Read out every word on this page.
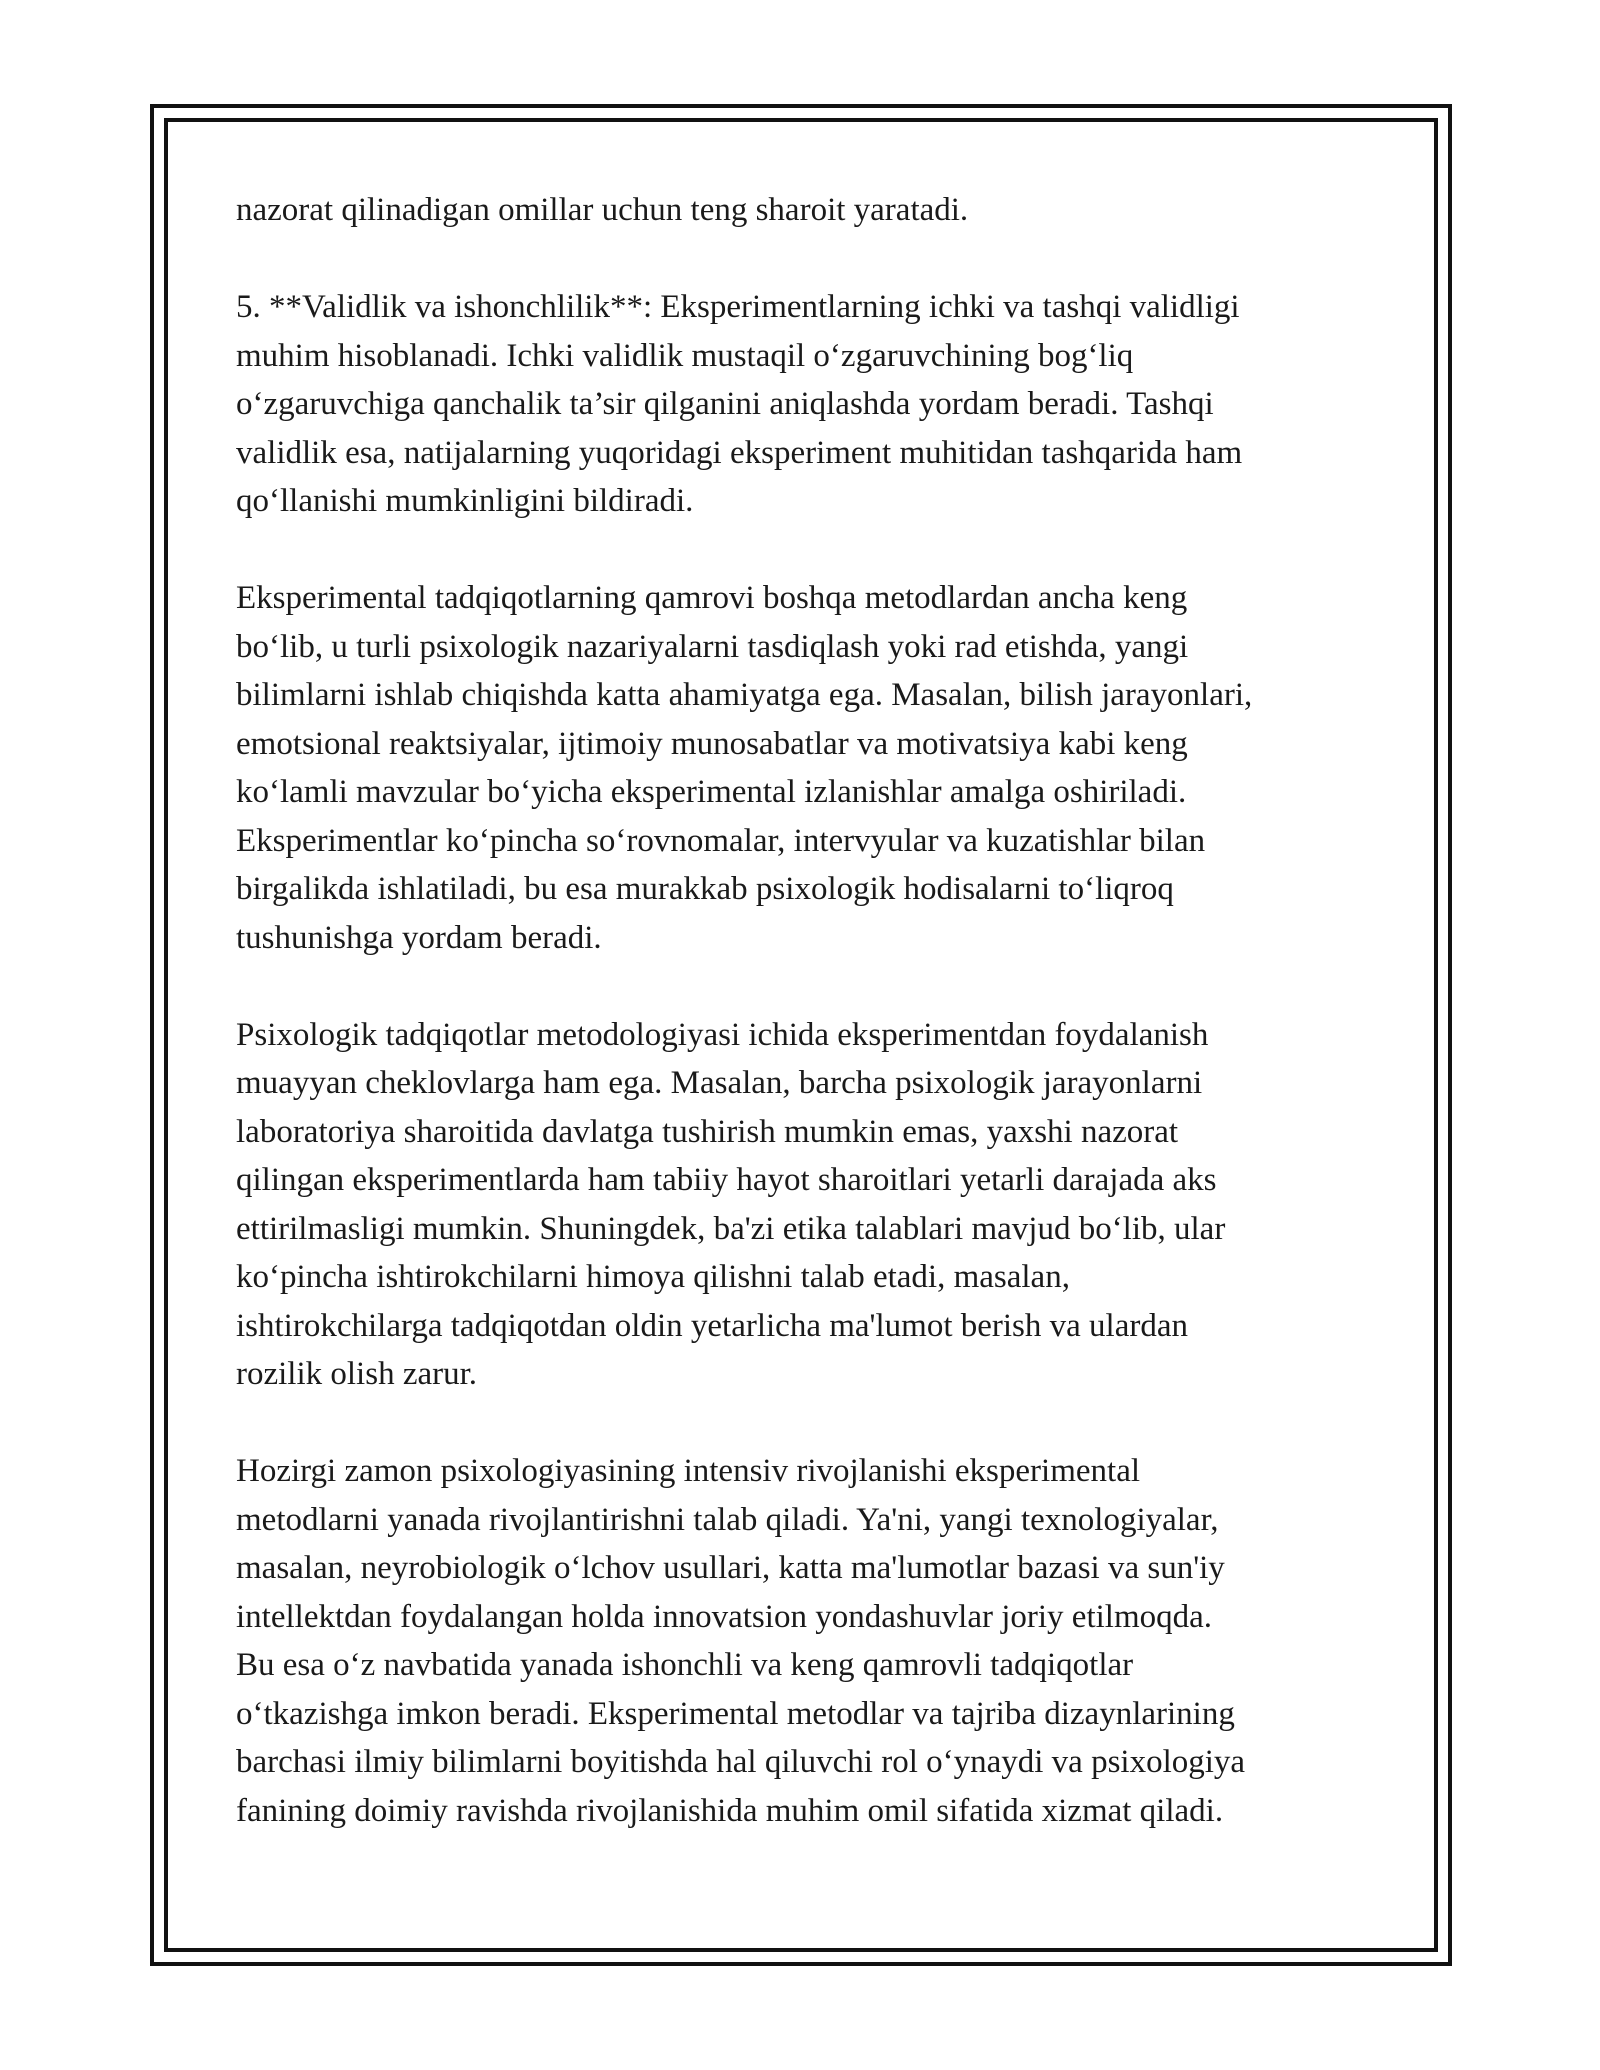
nazorat qilinadigan omillar uchun teng sharoit yaratadi.

5. **Validlik va ishonchlilik**: Eksperimentlarning ichki va tashqi validligi
muhim hisoblanadi. Ichki validlik mustaqil o‘zgaruvchining bog‘liq
o‘zgaruvchiga qanchalik ta’sir qilganini aniqlashda yordam beradi. Tashqi
validlik esa, natijalarning yuqoridagi eksperiment muhitidan tashqarida ham
qo‘llanishi mumkinligini bildiradi.

Eksperimental tadqiqotlarning qamrovi boshqa metodlardan ancha keng
bo‘lib, u turli psixologik nazariyalarni tasdiqlash yoki rad etishda, yangi
bilimlarni ishlab chiqishda katta ahamiyatga ega. Masalan, bilish jarayonlari,
emotsional reaktsiyalar, ijtimoiy munosabatlar va motivatsiya kabi keng
ko‘lamli mavzular bo‘yicha eksperimental izlanishlar amalga oshiriladi.
Eksperimentlar ko‘pincha so‘rovnomalar, intervyular va kuzatishlar bilan
birgalikda ishlatiladi, bu esa murakkab psixologik hodisalarni to‘liqroq
tushunishga yordam beradi.

Psixologik tadqiqotlar metodologiyasi ichida eksperimentdan foydalanish
muayyan cheklovlarga ham ega. Masalan, barcha psixologik jarayonlarni
laboratoriya sharoitida davlatga tushirish mumkin emas, yaxshi nazorat
qilingan eksperimentlarda ham tabiiy hayot sharoitlari yetarli darajada aks
ettirilmasligi mumkin. Shuningdek, ba'zi etika talablari mavjud bo‘lib, ular
ko‘pincha ishtirokchilarni himoya qilishni talab etadi, masalan,
ishtirokchilarga tadqiqotdan oldin yetarlicha ma'lumot berish va ulardan
rozilik olish zarur.

Hozirgi zamon psixologiyasining intensiv rivojlanishi eksperimental
metodlarni yanada rivojlantirishni talab qiladi. Ya'ni, yangi texnologiyalar,
masalan, neyrobiologik o‘lchov usullari, katta ma'lumotlar bazasi va sun'iy
intellektdan foydalangan holda innovatsion yondashuvlar joriy etilmoqda.
Bu esa o‘z navbatida yanada ishonchli va keng qamrovli tadqiqotlar
o‘tkazishga imkon beradi. Eksperimental metodlar va tajriba dizaynlarining
barchasi ilmiy bilimlarni boyitishda hal qiluvchi rol o‘ynaydi va psixologiya
fanining doimiy ravishda rivojlanishida muhim omil sifatida xizmat qiladi.
